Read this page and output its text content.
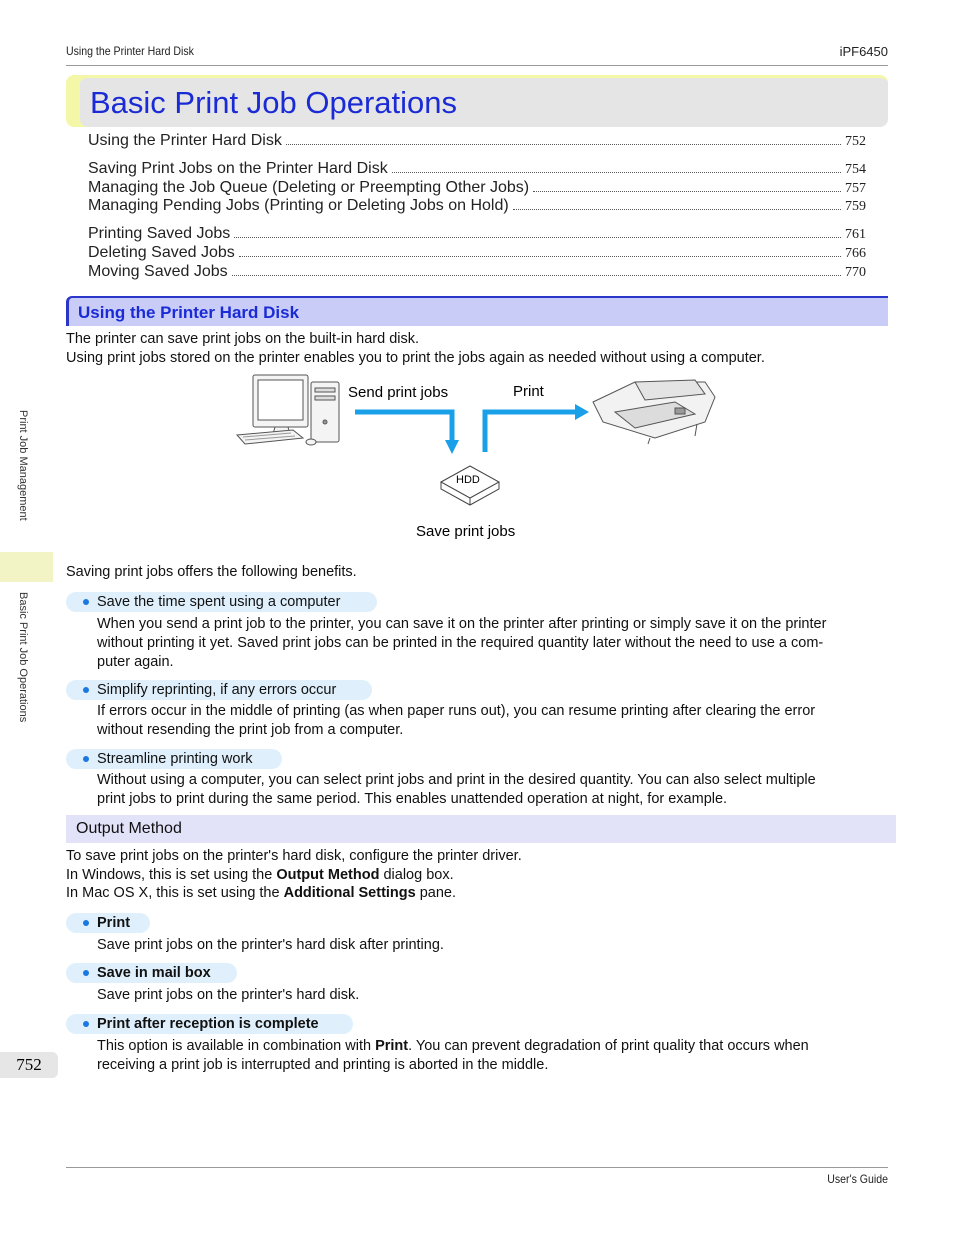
Using the Printer Hard Disk	iPF6450
Print Job Management
Basic Print Job Operations
752
Basic Print Job Operations
Using the Printer Hard Disk	752
Saving Print Jobs on the Printer Hard Disk	754
Managing the Job Queue (Deleting or Preempting Other Jobs)	757
Managing Pending Jobs (Printing or Deleting Jobs on Hold)	759
Printing Saved Jobs	761
Deleting Saved Jobs	766
Moving Saved Jobs	770
Using the Printer Hard Disk
The printer can save print jobs on the built-in hard disk.
Using print jobs stored on the printer enables you to print the jobs again as needed without using a computer.
Send print jobs	Print
HDD
Save print jobs
Saving print jobs offers the following benefits.
Save the time spent using a computer
When you send a print job to the printer, you can save it on the printer after printing or simply save it on the printer
without printing it yet. Saved print jobs can be printed in the required quantity later without the need to use a com-
puter again.
Simplify reprinting, if any errors occur
If errors occur in the middle of printing (as when paper runs out), you can resume printing after clearing the error
without resending the print job from a computer.
Streamline printing work
Without using a computer, you can select print jobs and print in the desired quantity. You can also select multiple
print jobs to print during the same period. This enables unattended operation at night, for example.
Output Method
To save print jobs on the printer's hard disk, configure the printer driver.
In Windows, this is set using the Output Method dialog box.
In Mac OS X, this is set using the Additional Settings pane.
Print
Save print jobs on the printer's hard disk after printing.
Save in mail box
Save print jobs on the printer's hard disk.
Print after reception is complete
This option is available in combination with Print. You can prevent degradation of print quality that occurs when
receiving a print job is interrupted and printing is aborted in the middle.
User's Guide
